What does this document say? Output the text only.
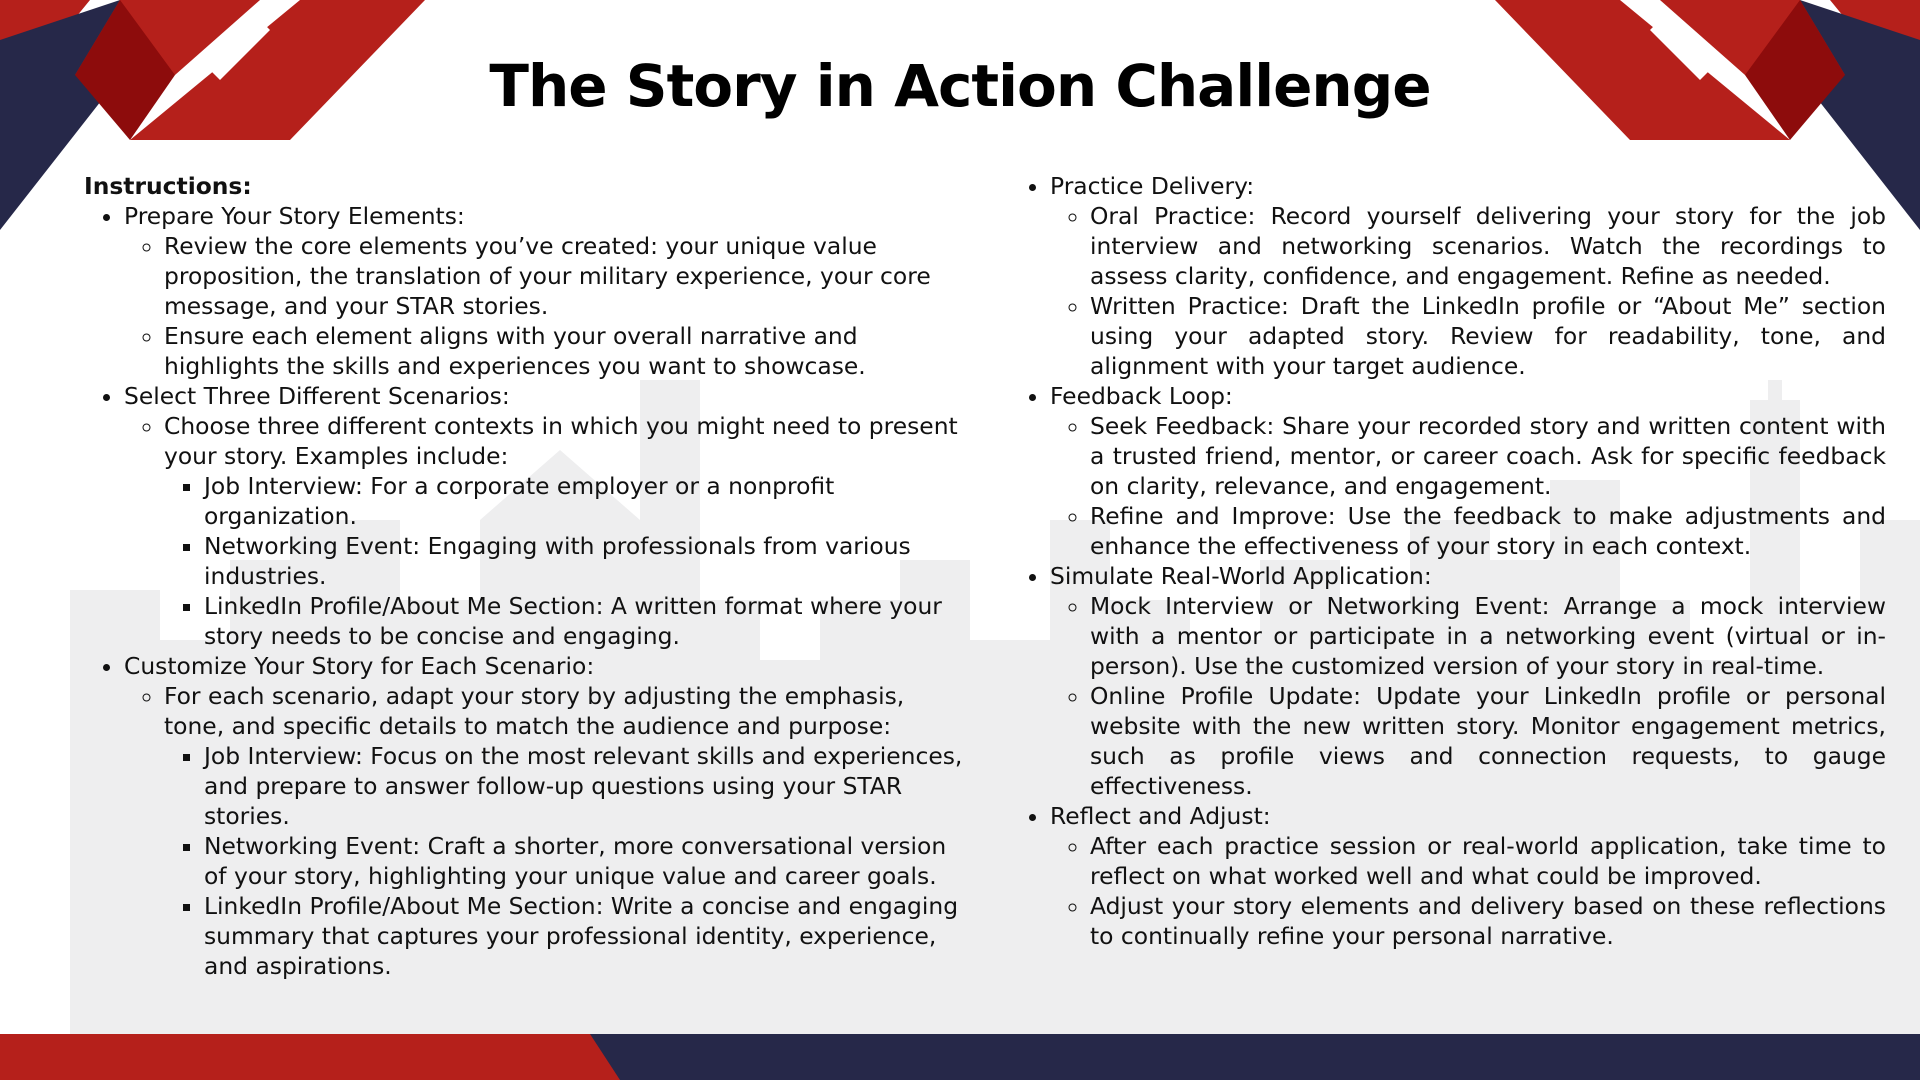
The Story in Action Challenge
Instructions:
• Prepare Your Story Elements:
◦ Review the core elements you’ve created: your unique value proposition, the translation of your military experience, your core message, and your STAR stories.
◦ Ensure each element aligns with your overall narrative and highlights the skills and experiences you want to showcase.
• Select Three Different Scenarios:
◦ Choose three different contexts in which you might need to present your story. Examples include:
▪ Job Interview: For a corporate employer or a nonprofit organization.
▪ Networking Event: Engaging with professionals from various industries.
▪ LinkedIn Profile/About Me Section: A written format where your story needs to be concise and engaging.
• Customize Your Story for Each Scenario:
◦ For each scenario, adapt your story by adjusting the emphasis, tone, and specific details to match the audience and purpose:
▪ Job Interview: Focus on the most relevant skills and experiences, and prepare to answer follow-up questions using your STAR stories.
▪ Networking Event: Craft a shorter, more conversational version of your story, highlighting your unique value and career goals.
▪ LinkedIn Profile/About Me Section: Write a concise and engaging summary that captures your professional identity, experience, and aspirations.
• Practice Delivery:
◦ Oral Practice: Record yourself delivering your story for the job interview and networking scenarios. Watch the recordings to assess clarity, confidence, and engagement. Refine as needed.
◦ Written Practice: Draft the LinkedIn profile or “About Me” section using your adapted story. Review for readability, tone, and alignment with your target audience.
• Feedback Loop:
◦ Seek Feedback: Share your recorded story and written content with a trusted friend, mentor, or career coach. Ask for specific feedback on clarity, relevance, and engagement.
◦ Refine and Improve: Use the feedback to make adjustments and enhance the effectiveness of your story in each context.
• Simulate Real-World Application:
◦ Mock Interview or Networking Event: Arrange a mock interview with a mentor or participate in a networking event (virtual or in-person). Use the customized version of your story in real-time.
◦ Online Profile Update: Update your LinkedIn profile or personal website with the new written story. Monitor engagement metrics, such as profile views and connection requests, to gauge effectiveness.
• Reflect and Adjust:
◦ After each practice session or real-world application, take time to reflect on what worked well and what could be improved.
◦ Adjust your story elements and delivery based on these reflections to continually refine your personal narrative.
